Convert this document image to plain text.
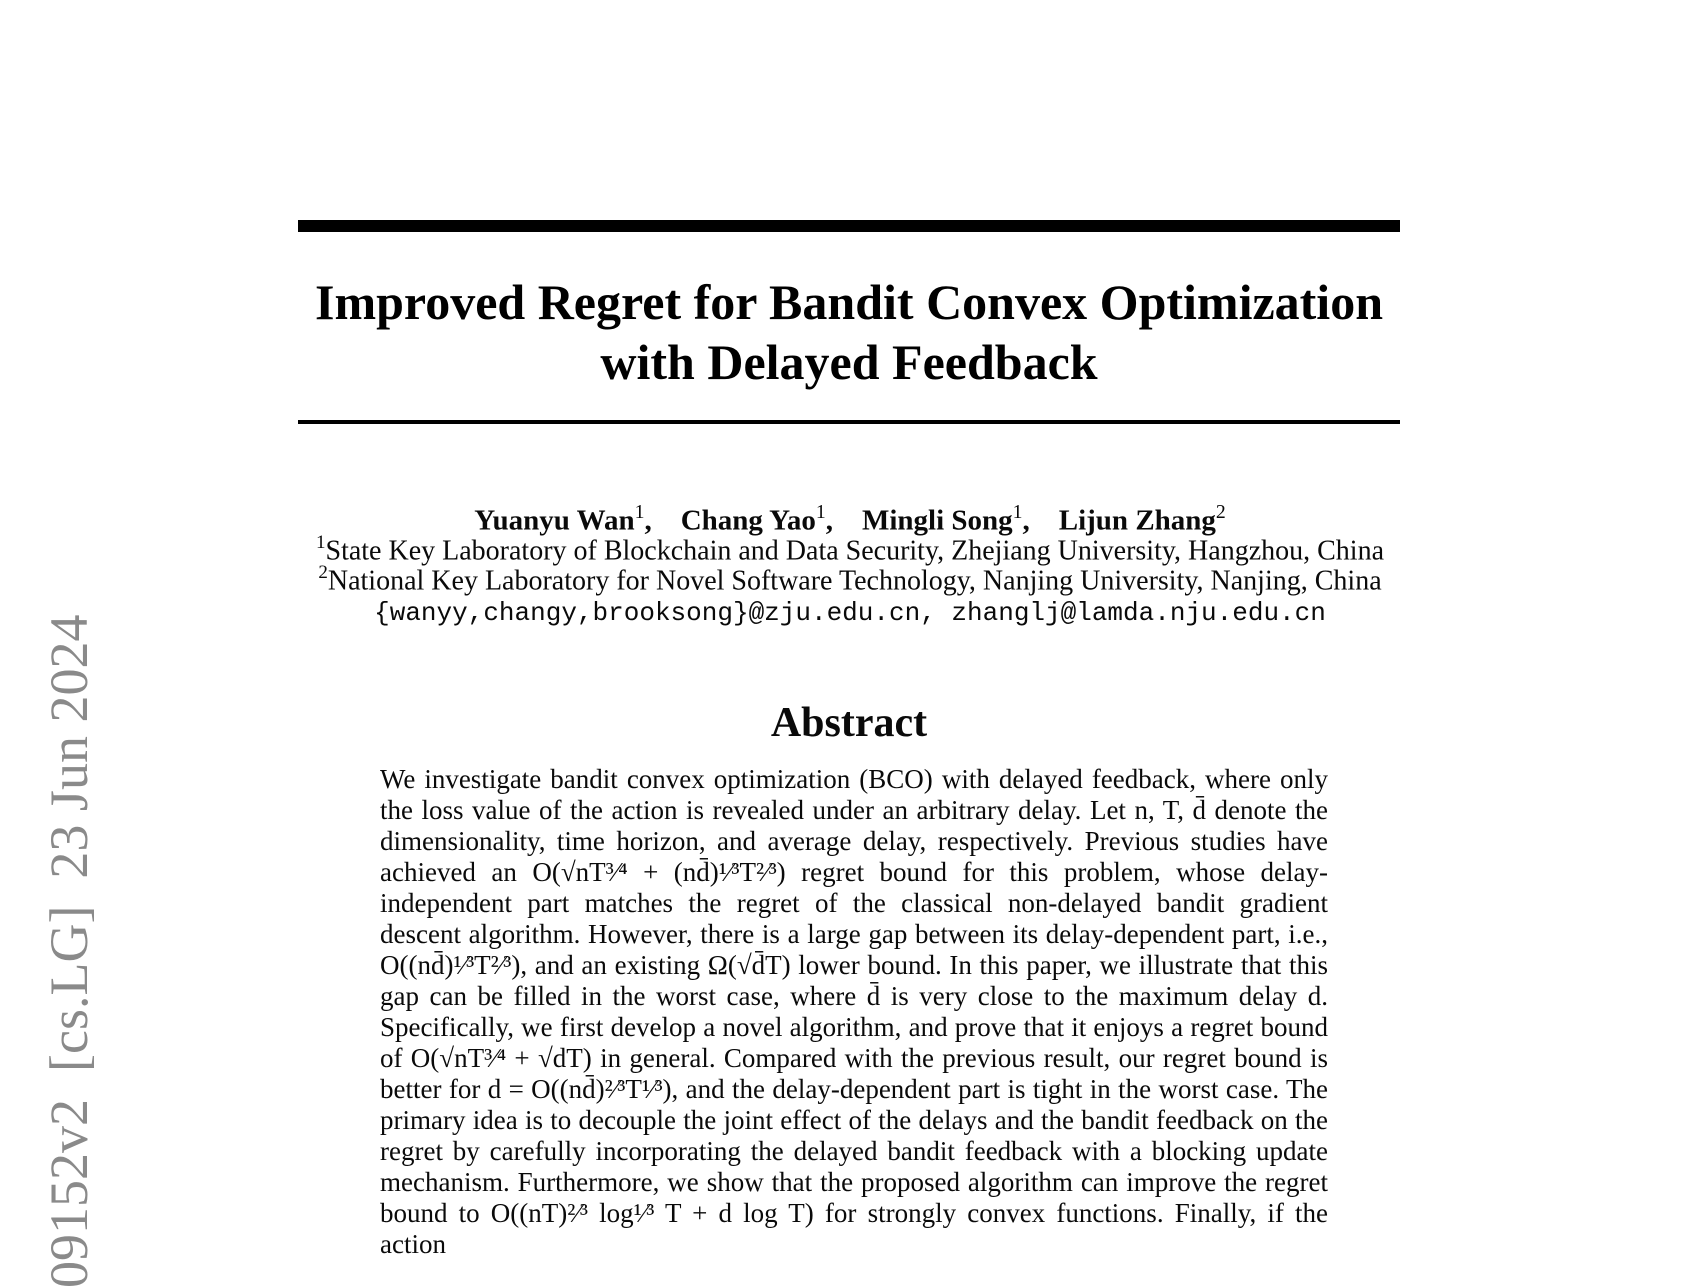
09152v2  [cs.LG]  23 Jun 2024
Improved Regret for Bandit Convex Optimization
with Delayed Feedback
Yuanyu Wan$^1$,  Chang Yao$^1$,  Mingli Song$^1$,  Lijun Zhang$^2$
$^1$State Key Laboratory of Blockchain and Data Security, Zhejiang University, Hangzhou, China
$^2$National Key Laboratory for Novel Software Technology, Nanjing University, Nanjing, China
{wanyy,changy,brooksong}@zju.edu.cn, zhanglj@lamda.nju.edu.cn
Abstract
We investigate bandit convex optimization (BCO) with delayed feedback, where only the loss value of the action is revealed under an arbitrary delay. Let n, T, d̄ denote the dimensionality, time horizon, and average delay, respectively. Previous studies have achieved an O(√nT³⁄⁴ + (nd̄)¹⁄³T²⁄³) regret bound for this problem, whose delay-independent part matches the regret of the classical non-delayed bandit gradient descent algorithm. However, there is a large gap between its delay-dependent part, i.e., O((nd̄)¹⁄³T²⁄³), and an existing Ω(√d̄T) lower bound. In this paper, we illustrate that this gap can be filled in the worst case, where d̄ is very close to the maximum delay d. Specifically, we first develop a novel algorithm, and prove that it enjoys a regret bound of O(√nT³⁄⁴ + √dT) in general. Compared with the previous result, our regret bound is better for d = O((nd̄)²⁄³T¹⁄³), and the delay-dependent part is tight in the worst case. The primary idea is to decouple the joint effect of the delays and the bandit feedback on the regret by carefully incorporating the delayed bandit feedback with a blocking update mechanism. Furthermore, we show that the proposed algorithm can improve the regret bound to O((nT)²⁄³ log¹⁄³ T + d log T) for strongly convex functions. Finally, if the action
